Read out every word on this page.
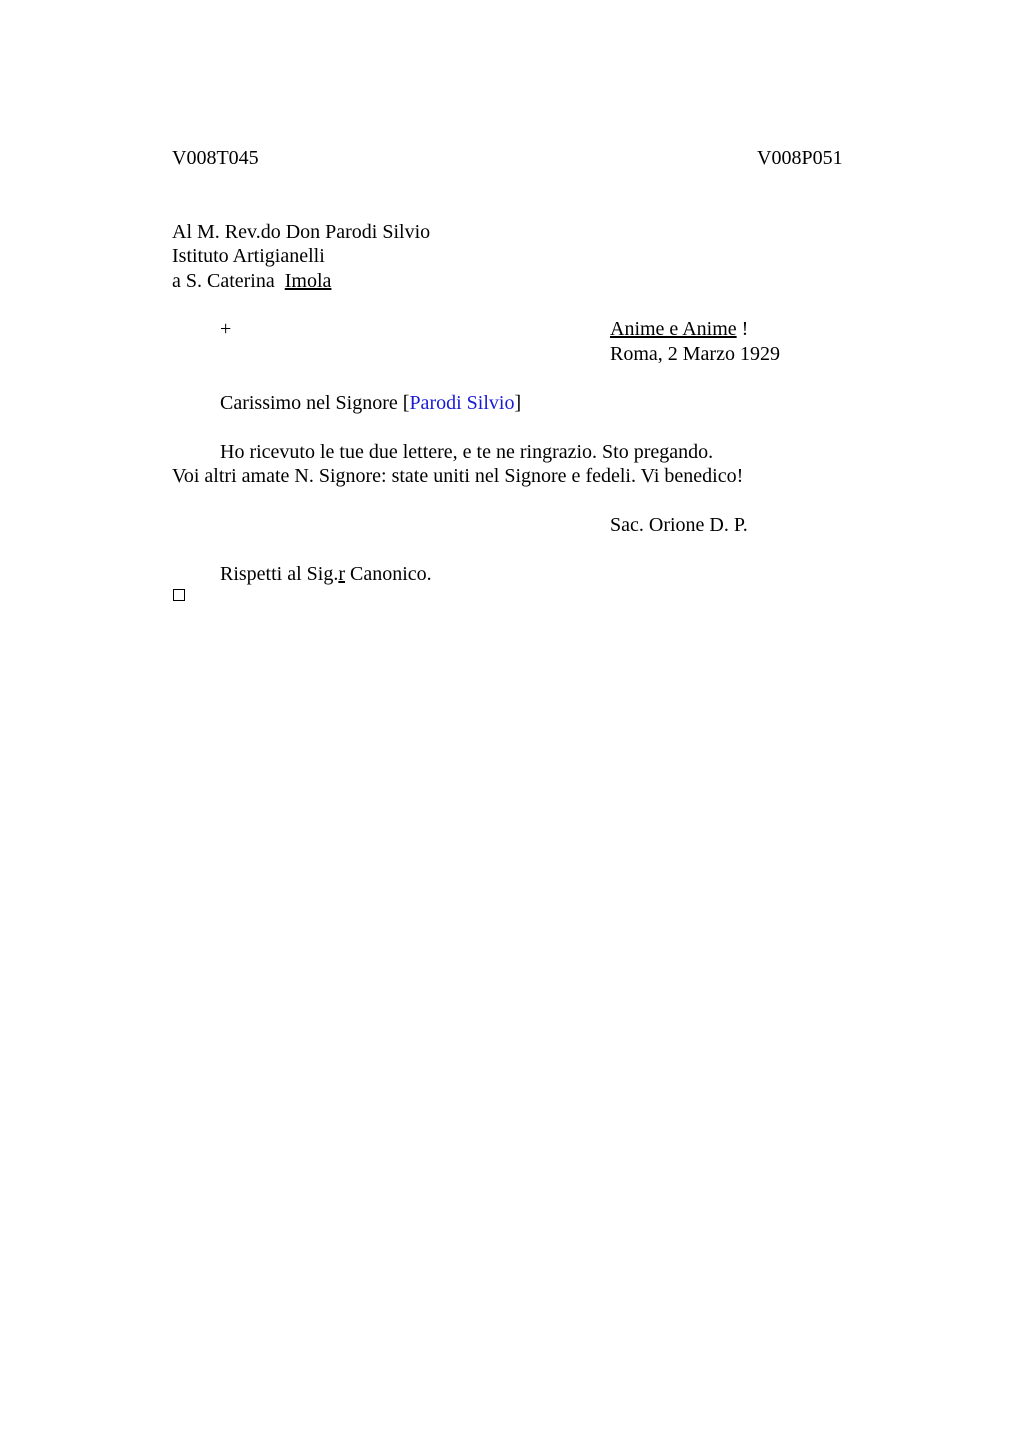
V008T045	V008P051
Al M. Rev.do Don Parodi Silvio
Istituto Artigianelli
a S. Caterina  Imola
+	Anime e Anime !
Roma, 2 Marzo 1929
Carissimo nel Signore [Parodi Silvio]
Ho ricevuto le tue due lettere, e te ne ringrazio. Sto pregando.
Voi altri amate N. Signore: state uniti nel Signore e fedeli. Vi benedico!
Sac. Orione D. P.
Rispetti al Sig.r Canonico.
